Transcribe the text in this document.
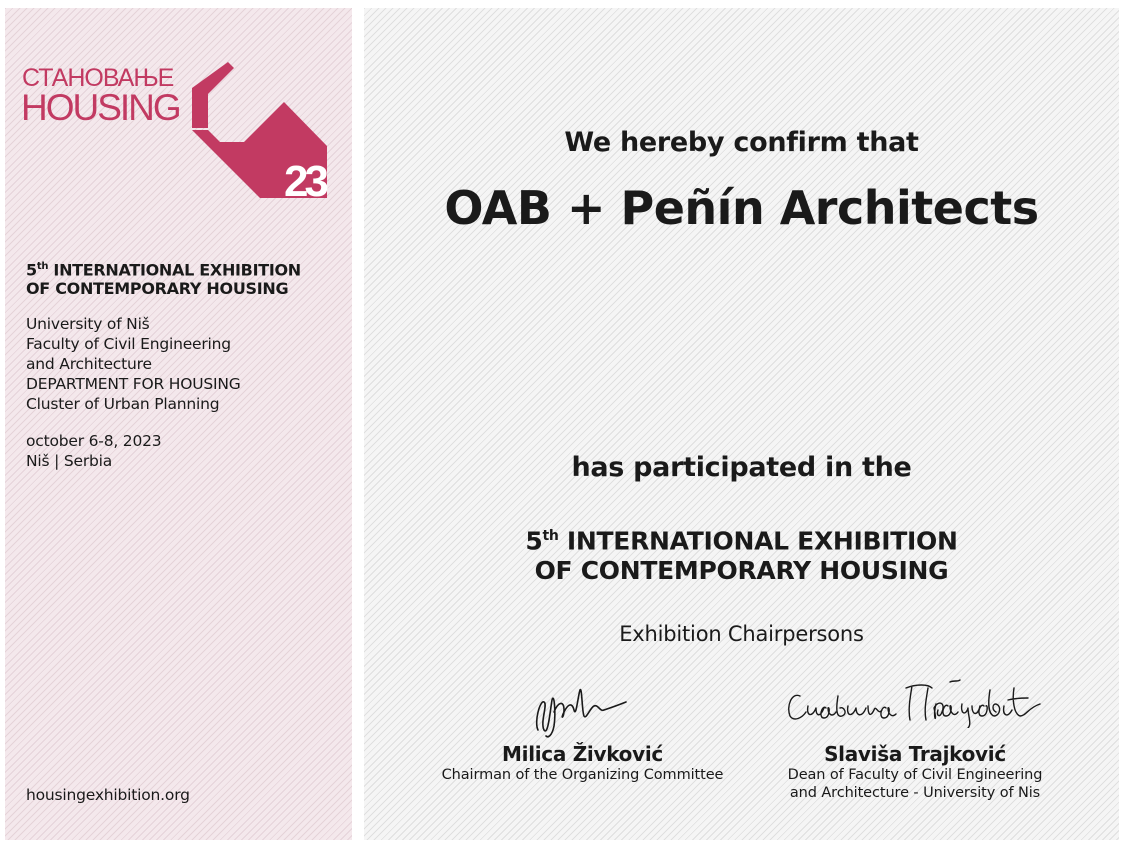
23
СТАНОВАЊЕ
HOUSING
5th INTERNATIONAL EXHIBITION
OF CONTEMPORARY HOUSING
University of Niš
Faculty of Civil Engineering
and Architecture
DEPARTMENT FOR HOUSING
Cluster of Urban Planning
october 6-8, 2023
Niš | Serbia
housingexhibition.org
We hereby confirm that
OAB + Peñín Architects
has participated in the
5th INTERNATIONAL EXHIBITION
OF CONTEMPORARY HOUSING
Exhibition Chairpersons
Milica Živković
Chairman of the Organizing Committee
Slaviša Trajković
Dean of Faculty of Civil Engineering
and Architecture - University of Nis
